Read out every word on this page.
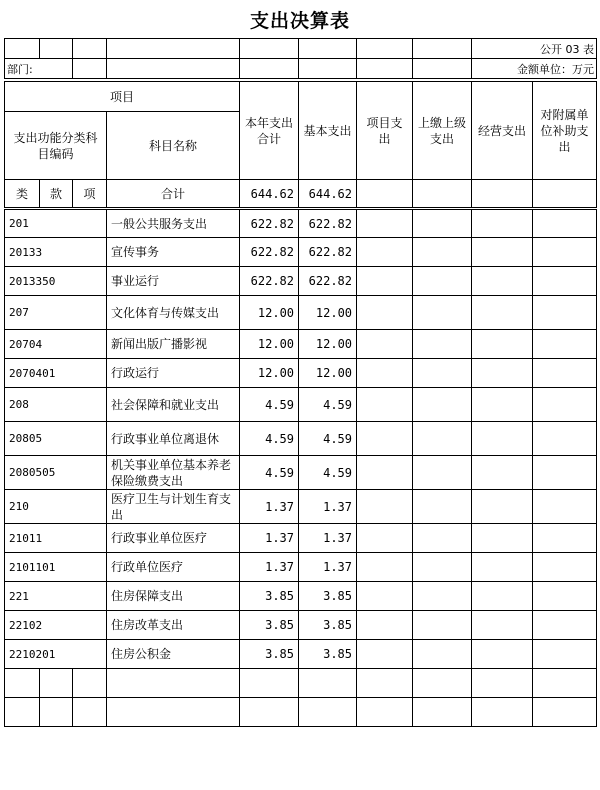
支出决算表
								公开 03 表
部门:								金额单位：万元
项目				本年支出合计	基本支出	项目支出	上缴上级支出	经营支出	对附属单位补助支出
支出功能分类科目编码			科目名称						
类	款	项	合计	644.62	644.62				
201			一般公共服务支出	622.82	622.82				
20133			宣传事务	622.82	622.82				
2013350			事业运行	622.82	622.82				
207			文化体育与传媒支出	12.00	12.00				
20704			新闻出版广播影视	12.00	12.00				
2070401			行政运行	12.00	12.00				
208			社会保障和就业支出	4.59	4.59				
20805			行政事业单位离退休	4.59	4.59				
2080505			机关事业单位基本养老保险缴费支出	4.59	4.59				
210			医疗卫生与计划生育支出	1.37	1.37				
21011			行政事业单位医疗	1.37	1.37				
2101101			行政单位医疗	1.37	1.37				
221			住房保障支出	3.85	3.85				
22102			住房改革支出	3.85	3.85				
2210201			住房公积金	3.85	3.85				
